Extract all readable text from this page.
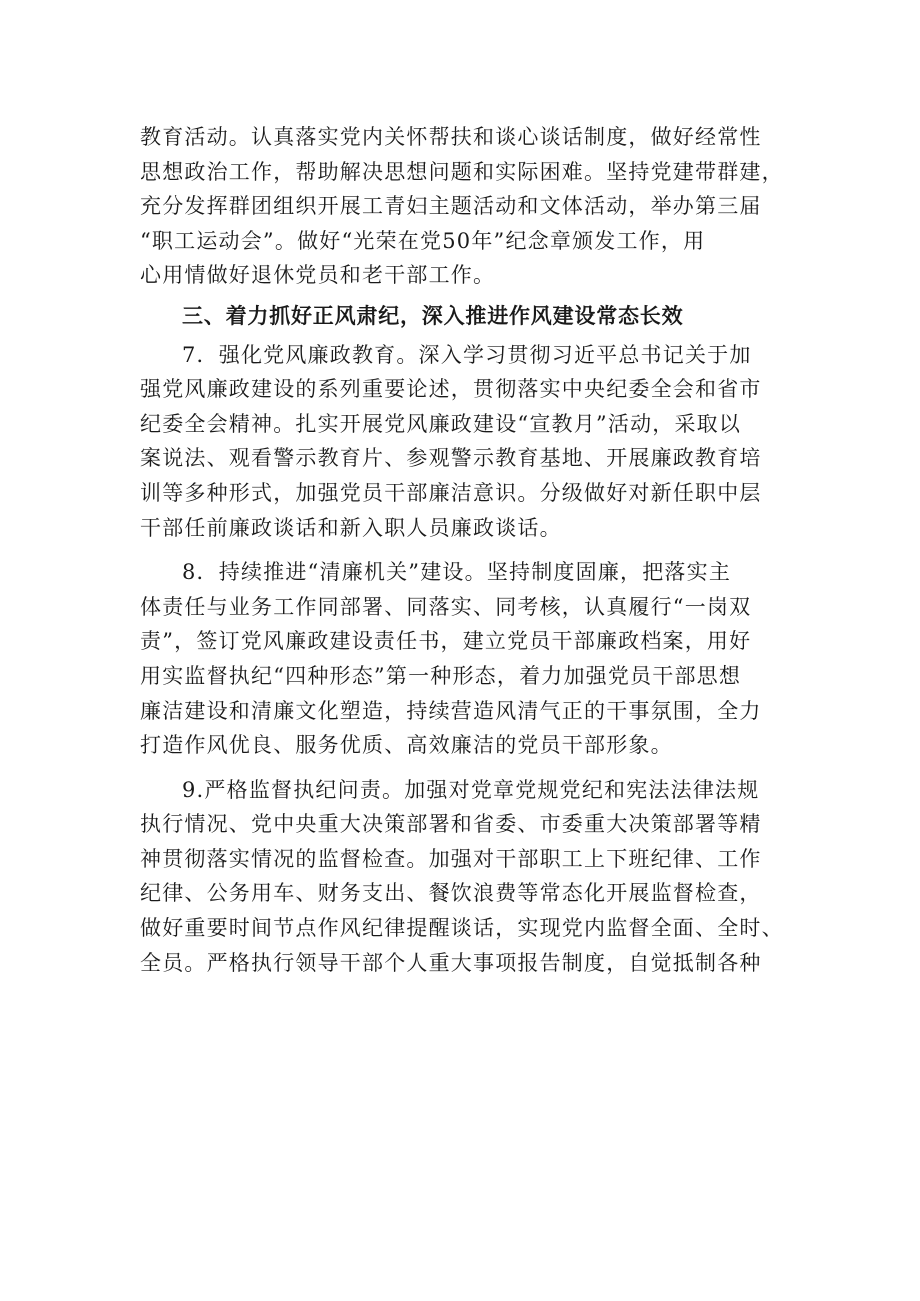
教育活动。认真落实党内关怀帮扶和谈心谈话制度，做好经常性
思想政治工作，帮助解决思想问题和实际困难。坚持党建带群建，
充分发挥群团组织开展工青妇主题活动和文体活动，举办第三届
“职工运动会”。做好“光荣在党50年”纪念章颁发工作，用
心用情做好退休党员和老干部工作。
三、着力抓好正风肃纪，深入推进作风建设常态长效
7．强化党风廉政教育。深入学习贯彻习近平总书记关于加
强党风廉政建设的系列重要论述，贯彻落实中央纪委全会和省市
纪委全会精神。扎实开展党风廉政建设“宣教月”活动，采取以
案说法、观看警示教育片、参观警示教育基地、开展廉政教育培
训等多种形式，加强党员干部廉洁意识。分级做好对新任职中层
干部任前廉政谈话和新入职人员廉政谈话。
8．持续推进“清廉机关”建设。坚持制度固廉，把落实主
体责任与业务工作同部署、同落实、同考核，认真履行“一岗双
责”，签订党风廉政建设责任书，建立党员干部廉政档案，用好
用实监督执纪“四种形态”第一种形态，着力加强党员干部思想
廉洁建设和清廉文化塑造，持续营造风清气正的干事氛围，全力
打造作风优良、服务优质、高效廉洁的党员干部形象。
9.严格监督执纪问责。加强对党章党规党纪和宪法法律法规
执行情况、党中央重大决策部署和省委、市委重大决策部署等精
神贯彻落实情况的监督检查。加强对干部职工上下班纪律、工作
纪律、公务用车、财务支出、餐饮浪费等常态化开展监督检查，
做好重要时间节点作风纪律提醒谈话，实现党内监督全面、全时、
全员。严格执行领导干部个人重大事项报告制度，自觉抵制各种
